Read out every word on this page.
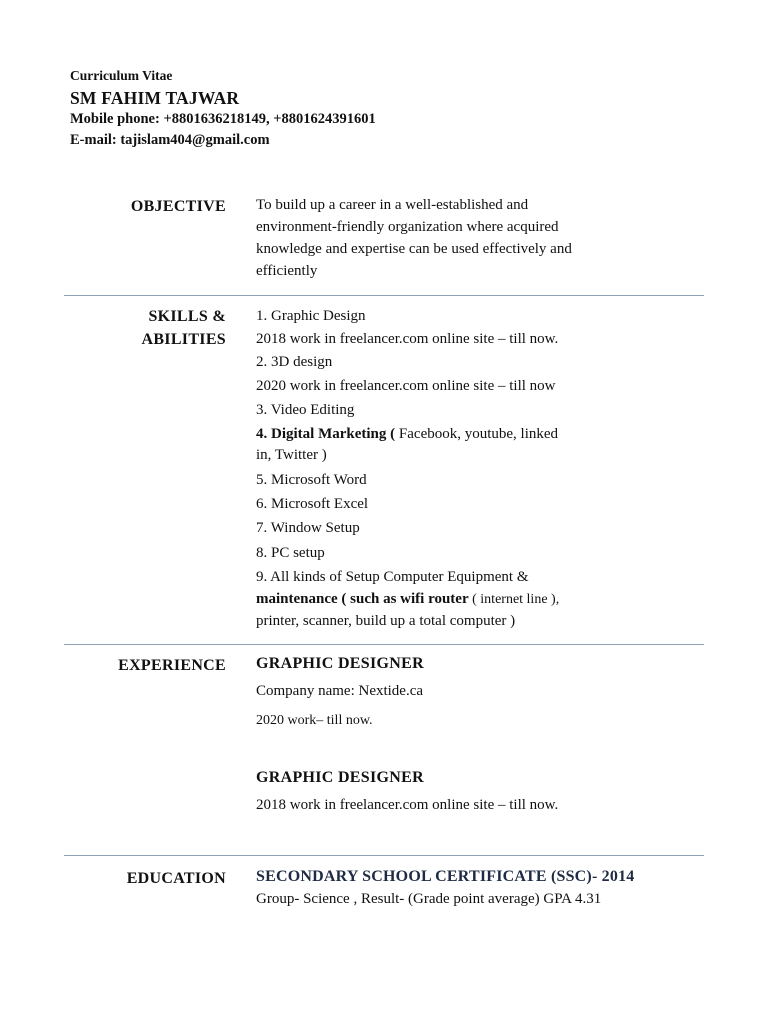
Curriculum Vitae
SM FAHIM TAJWAR
Mobile phone: +8801636218149, +8801624391601
E-mail: tajislam404@gmail.com
OBJECTIVE To build up a career in a well-established and
environment-friendly organization where acquired
knowledge and expertise can be used effectively and
efficiently
SKILLS &
ABILITIES
1. Graphic Design
2018 work in freelancer.com online site – till now.
2. 3D design
2020 work in freelancer.com online site – till now
3. Video Editing
4. Digital Marketing ( Facebook, youtube, linked
in, Twitter )
5. Microsoft Word
6. Microsoft Excel
7. Window Setup
8. PC setup
9. All kinds of Setup Computer Equipment &
maintenance ( such as wifi router ( internet line ),
printer, scanner, build up a total computer )
EXPERIENCE GRAPHIC DESIGNER
Company name: Nextide.ca
2020 work– till now.
GRAPHIC DESIGNER
2018 work in freelancer.com online site – till now.
EDUCATION SECONDARY SCHOOL CERTIFICATE (SSC)- 2014
Group- Science , Result- (Grade point average) GPA 4.31
